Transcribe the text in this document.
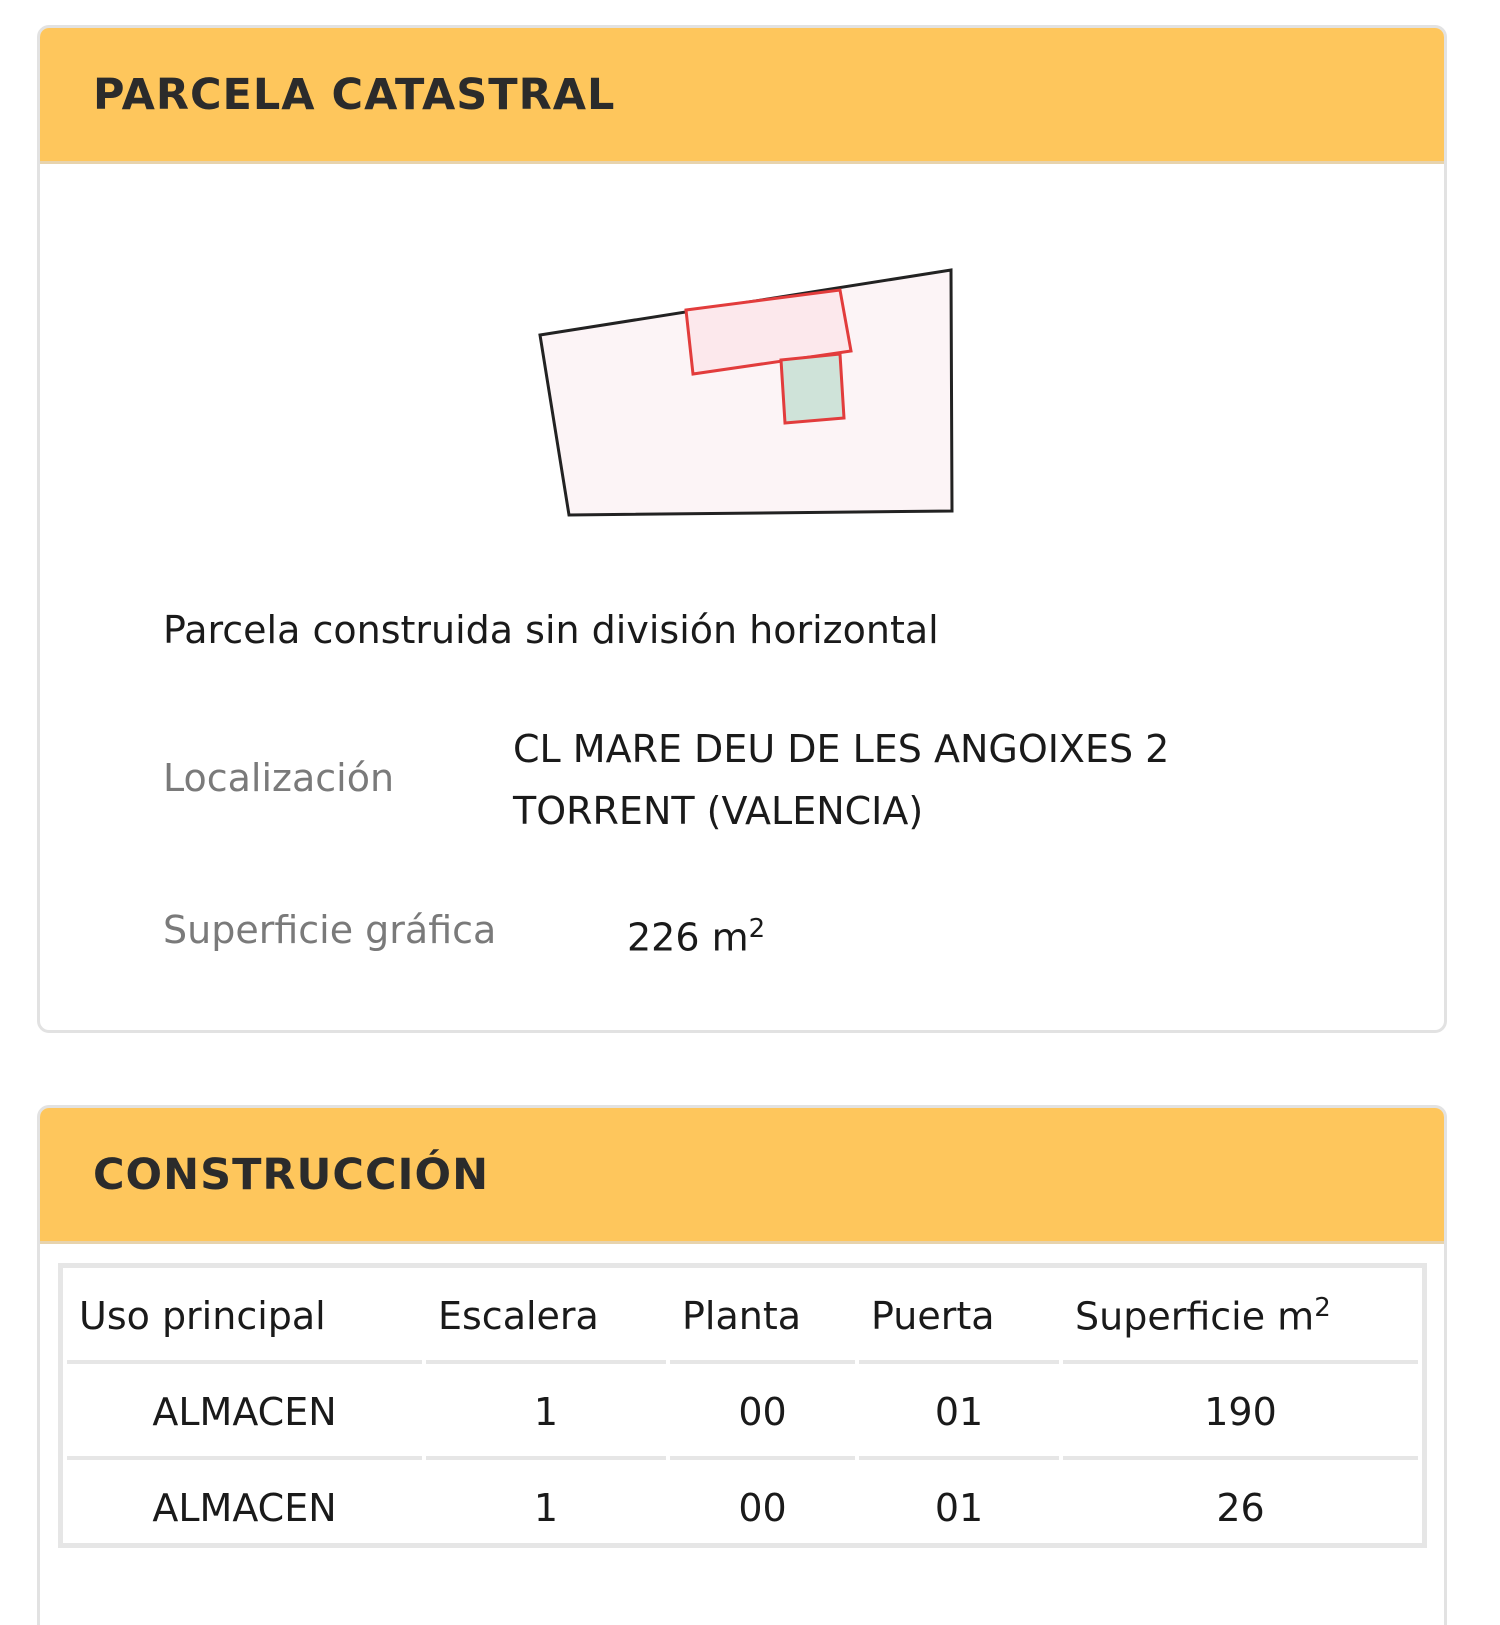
PARCELA CATASTRAL
Parcela construida sin división horizontal
Localización
CL MARE DEU DE LES ANGOIXES 2
TORRENT (VALENCIA)
Superficie gráfica	226 $m^2$
CONSTRUCCIÓN
Uso principal	Escalera	Planta	Puerta	Superficie $m^2$
ALMACEN	1	00	01	190
ALMACEN	1	00	01	26
